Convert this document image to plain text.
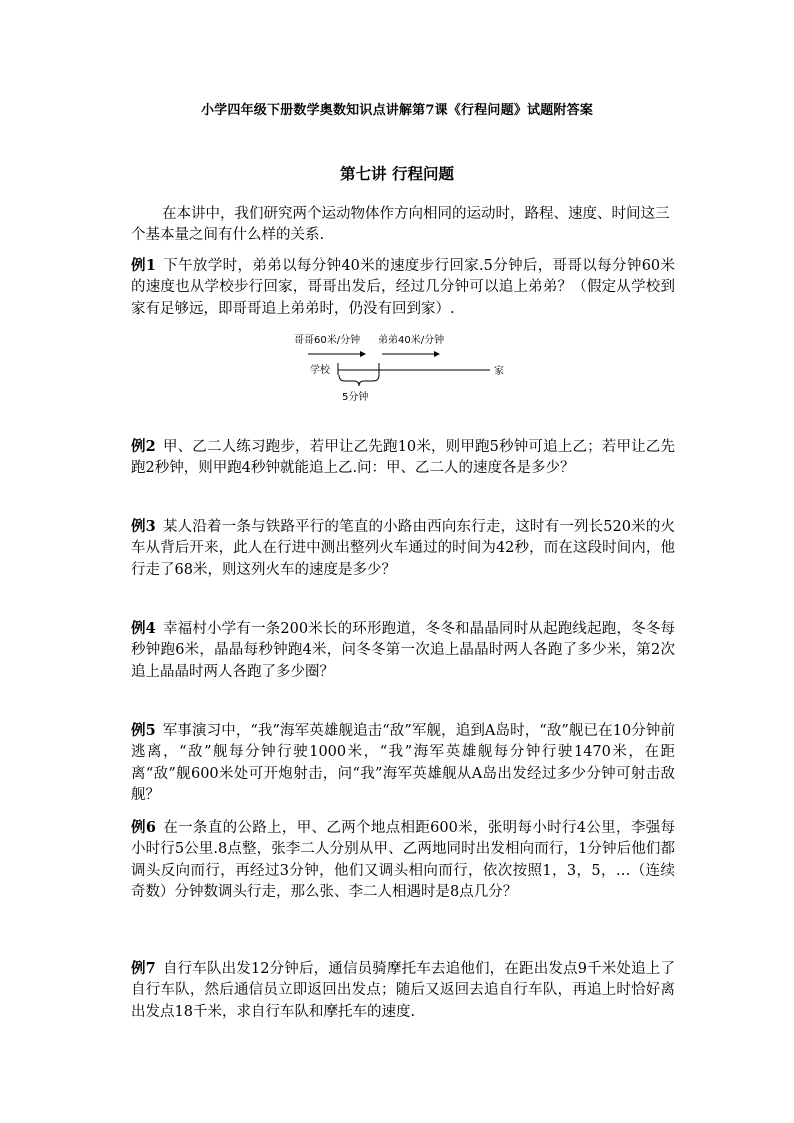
小学四年级下册数学奥数知识点讲解第7课《行程问题》试题附答案
第七讲 行程问题
在本讲中，我们研究两个运动物体作方向相同的运动时，路程、速度、时间这三个基本量之间有什么样的关系.
例1 下午放学时，弟弟以每分钟40米的速度步行回家.5分钟后，哥哥以每分钟60米的速度也从学校步行回家，哥哥出发后，经过几分钟可以追上弟弟？（假定从学校到家有足够远，即哥哥追上弟弟时，仍没有回到家）.
哥哥60米/分钟 弟弟40米/分钟
学校	家
5分钟
例2 甲、乙二人练习跑步，若甲让乙先跑10米，则甲跑5秒钟可追上乙；若甲让乙先跑2秒钟，则甲跑4秒钟就能追上乙.问：甲、乙二人的速度各是多少？
例3 某人沿着一条与铁路平行的笔直的小路由西向东行走，这时有一列长520米的火车从背后开来，此人在行进中测出整列火车通过的时间为42秒，而在这段时间内，他行走了68米，则这列火车的速度是多少？
例4 幸福村小学有一条200米长的环形跑道，冬冬和晶晶同时从起跑线起跑，冬冬每秒钟跑6米，晶晶每秒钟跑4米，问冬冬第一次追上晶晶时两人各跑了多少米，第2次追上晶晶时两人各跑了多少圈？
例5 军事演习中，“我”海军英雄舰追击“敌”军舰，追到A岛时，“敌”舰已在10分钟前逃离，“敌”舰每分钟行驶1000米，“我”海军英雄舰每分钟行驶1470米，在距离“敌”舰600米处可开炮射击，问“我”海军英雄舰从A岛出发经过多少分钟可射击敌舰？
例6 在一条直的公路上，甲、乙两个地点相距600米，张明每小时行4公里，李强每小时行5公里.8点整，张李二人分别从甲、乙两地同时出发相向而行，1分钟后他们都调头反向而行，再经过3分钟，他们又调头相向而行，依次按照1，3，5，…（连续奇数）分钟数调头行走，那么张、李二人相遇时是8点几分？
例7 自行车队出发12分钟后，通信员骑摩托车去追他们，在距出发点9千米处追上了自行车队，然后通信员立即返回出发点；随后又返回去追自行车队，再追上时恰好离出发点18千米，求自行车队和摩托车的速度.
